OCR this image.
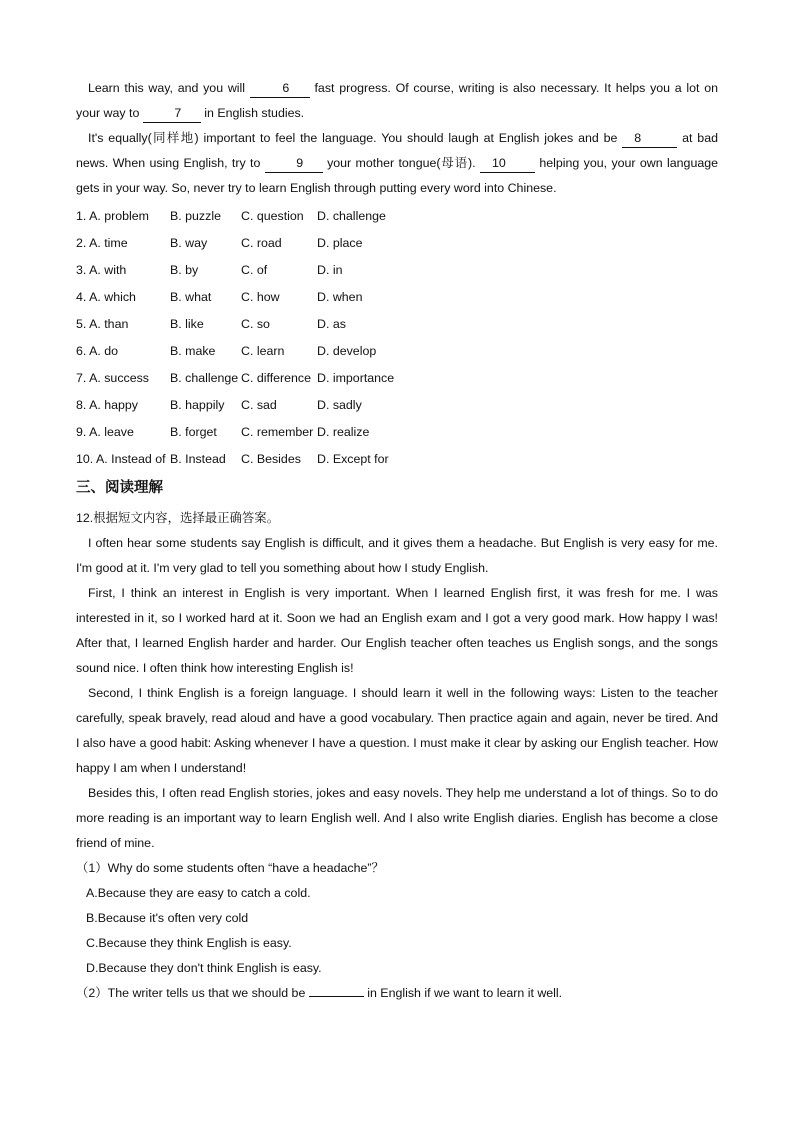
Learn this way, and you will	6 fast progress. Of course, writing is also necessary. It helps you a lot on your way to	7 in English studies.

It's equally(同样地) important to feel the language. You should laugh at English jokes and be 8	at bad news. When using English, try to	9 your mother tongue(母语). 10 helping you, your own language gets in your way. So, never try to learn English through putting every word into Chinese.

1. A. problem	B. puzzle	C. question	D. challenge
2. A. time	B. way	C. road	D. place
3. A. with	B. by	C. of	D. in
4. A. which	B. what	C. how	D. when
5. A. than	B. like	C. so	D. as
6. A. do	B. make	C. learn	D. develop
7. A. success	B. challenge C. difference D. importance
8. A. happy	B. happily	C. sad	D. sadly
9. A. leave	B. forget	C. remember D. realize
10. A. Instead of B. Instead	C. Besides	D. Except for
三、阅读理解

12.根据短文内容，选择最正确答案。

I often hear some students say English is difficult, and it gives them a headache. But English is very easy for me. I'm good at it. I'm very glad to tell you something about how I study English.

First, I think an interest in English is very important. When I learned English first, it was fresh for me. I was interested in it, so I worked hard at it. Soon we had an English exam and I got a very good mark. How happy I was! After that, I learned English harder and harder. Our English teacher often teaches us English songs, and the songs sound nice. I often think how interesting English is!

Second, I think English is a foreign language. I should learn it well in the following ways: Listen to the teacher carefully, speak bravely, read aloud and have a good vocabulary. Then practice again and again, never be tired. And I also have a good habit: Asking whenever I have a question. I must make it clear by asking our English teacher. How happy I am when I understand!

Besides this, I often read English stories, jokes and easy novels. They help me understand a lot of things. So to do more reading is an important way to learn English well. And I also write English diaries. English has become a close friend of mine.

（1）Why do some students often “have a headache”？

A.Because they are easy to catch a cold.

B.Because it's often very cold

C.Because they think English is easy.

D.Because they don't think English is easy.

（2）The writer tells us that we should be	in English if we want to learn it well.
